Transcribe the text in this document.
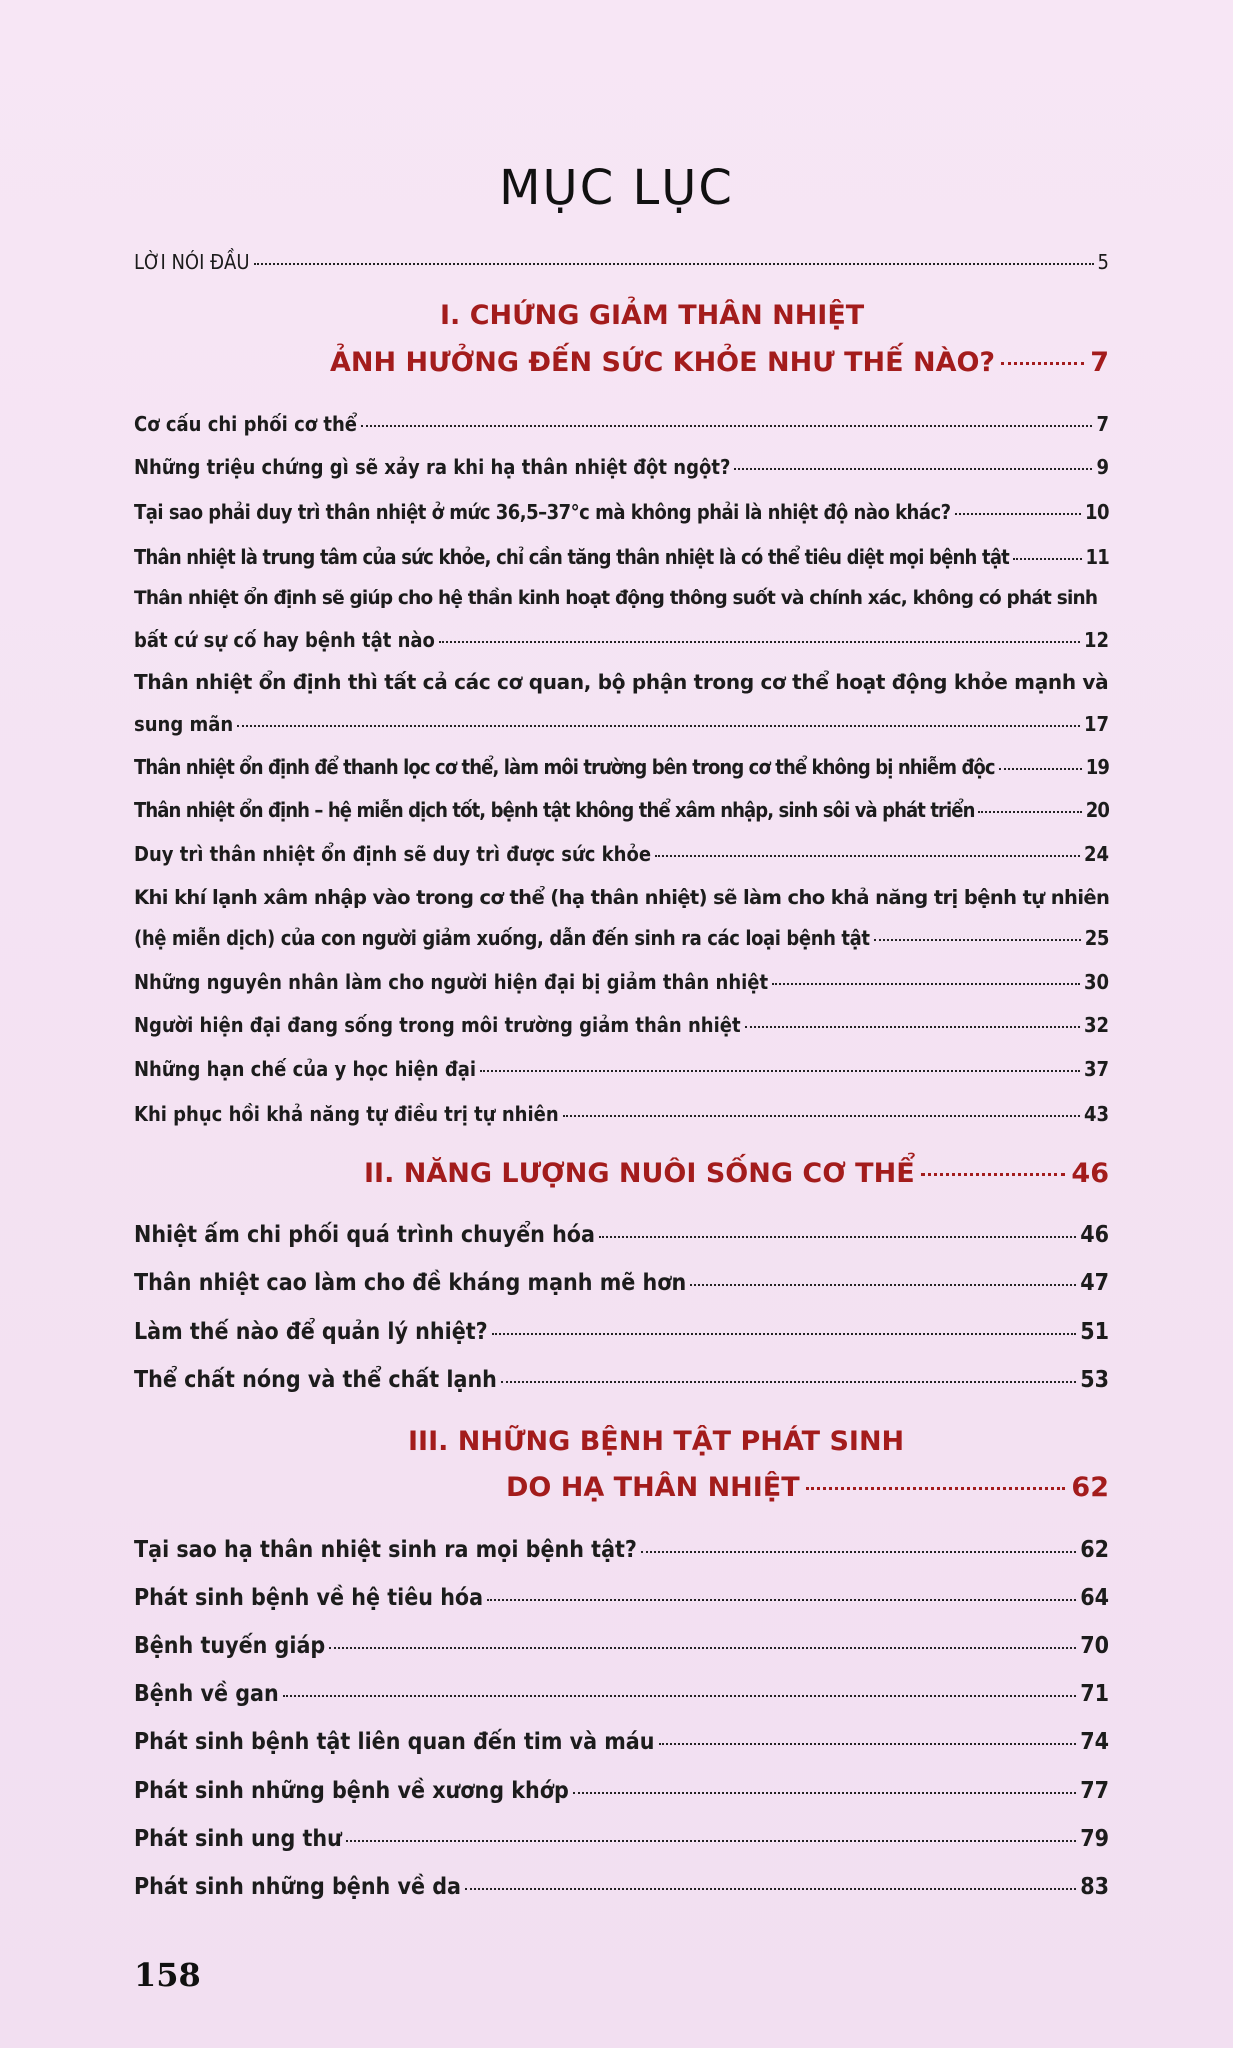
MỤC LỤC
LỜI NÓI ĐẦU	5
I. CHỨNG GIẢM THÂN NHIỆT
ẢNH HƯỞNG ĐẾN SỨC KHỎE NHƯ THẾ NÀO?	7
Cơ cấu chi phối cơ thể	7
Những triệu chứng gì sẽ xảy ra khi hạ thân nhiệt đột ngột?	9
Tại sao phải duy trì thân nhiệt ở mức 36,5–37°c mà không phải là nhiệt độ nào khác?	10
Thân nhiệt là trung tâm của sức khỏe, chỉ cần tăng thân nhiệt là có thể tiêu diệt mọi bệnh tật	11
Thân nhiệt ổn định sẽ giúp cho hệ thần kinh hoạt động thông suốt và chính xác, không có phát sinh
bất cứ sự cố hay bệnh tật nào	12
Thân nhiệt ổn định thì tất cả các cơ quan, bộ phận trong cơ thể hoạt động khỏe mạnh và
sung mãn	17
Thân nhiệt ổn định để thanh lọc cơ thể, làm môi trường bên trong cơ thể không bị nhiễm độc	19
Thân nhiệt ổn định – hệ miễn dịch tốt, bệnh tật không thể xâm nhập, sinh sôi và phát triển	20
Duy trì thân nhiệt ổn định sẽ duy trì được sức khỏe	24
Khi khí lạnh xâm nhập vào trong cơ thể (hạ thân nhiệt) sẽ làm cho khả năng trị bệnh tự nhiên
(hệ miễn dịch) của con người giảm xuống, dẫn đến sinh ra các loại bệnh tật	25
Những nguyên nhân làm cho người hiện đại bị giảm thân nhiệt	30
Người hiện đại đang sống trong môi trường giảm thân nhiệt	32
Những hạn chế của y học hiện đại	37
Khi phục hồi khả năng tự điều trị tự nhiên	43
II. NĂNG LƯỢNG NUÔI SỐNG CƠ THỂ	46
Nhiệt ấm chi phối quá trình chuyển hóa	46
Thân nhiệt cao làm cho đề kháng mạnh mẽ hơn	47
Làm thế nào để quản lý nhiệt?	51
Thể chất nóng và thể chất lạnh	53
III. NHỮNG BỆNH TẬT PHÁT SINH
DO HẠ THÂN NHIỆT	62
Tại sao hạ thân nhiệt sinh ra mọi bệnh tật?	62
Phát sinh bệnh về hệ tiêu hóa	64
Bệnh tuyến giáp	70
Bệnh về gan	71
Phát sinh bệnh tật liên quan đến tim và máu	74
Phát sinh những bệnh về xương khớp	77
Phát sinh ung thư	79
Phát sinh những bệnh về da	83
158
